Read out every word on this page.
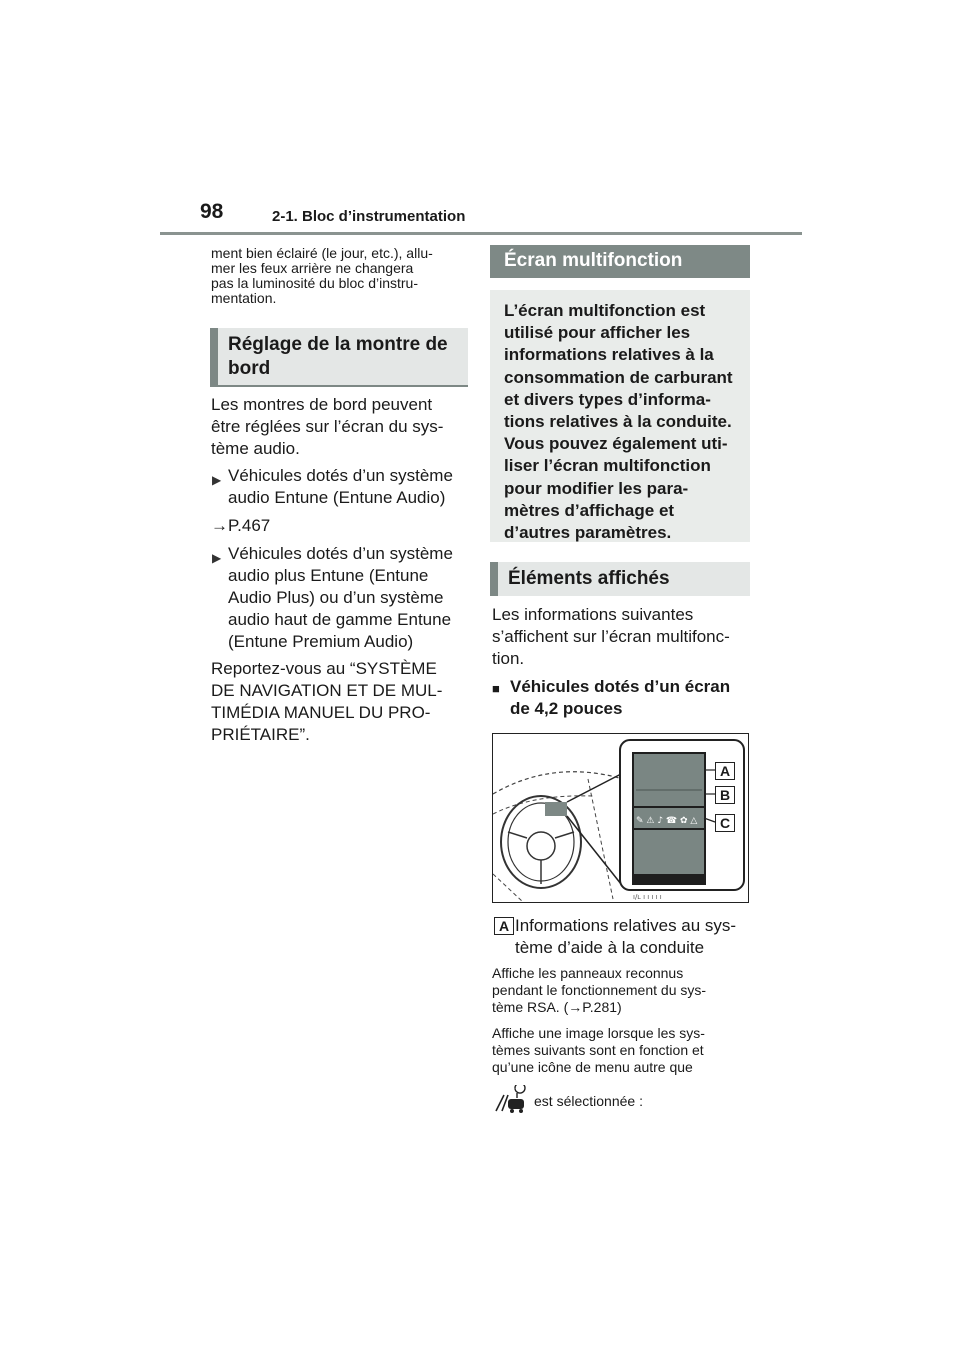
98	2-1. Bloc d’instrumentation
ment bien éclairé (le jour, etc.), allu-
mer les feux arrière ne changera
pas la luminosité du bloc d’instru-
mentation.
Réglage de la montre de
bord
Les montres de bord peuvent
être réglées sur l’écran du sys-
tème audio.
▶ Véhicules dotés d’un système
audio Entune (Entune Audio)
→P.467
▶ Véhicules dotés d’un système
audio plus Entune (Entune
Audio Plus) ou d’un système
audio haut de gamme Entune
(Entune Premium Audio)
Reportez-vous au “SYSTÈME
DE NAVIGATION ET DE MUL-
TIMÉDIA MANUEL DU PRO-
PRIÉTAIRE”.
Écran multifonction
L’écran multifonction est
utilisé pour afficher les
informations relatives à la
consommation de carburant
et divers types d’informa-
tions relatives à la conduite.
Vous pouvez également uti-
liser l’écran multifonction
pour modifier les para-
mètres d’affichage et
d’autres paramètres.
Éléments affichés
Les informations suivantes
s’affichent sur l’écran multifonc-
tion.
■ Véhicules dotés d’un écran
de 4,2 pouces
✎ ⚠ ♪ ☎ ✿ △
ı/ʟ ı ı ı ı ı
A
B
C
A Informations relatives au sys-
tème d’aide à la conduite
Affiche les panneaux reconnus
pendant le fonctionnement du sys-
tème RSA. (→P.281)
Affiche une image lorsque les sys-
tèmes suivants sont en fonction et
qu’une icône de menu autre que
est sélectionnée :
